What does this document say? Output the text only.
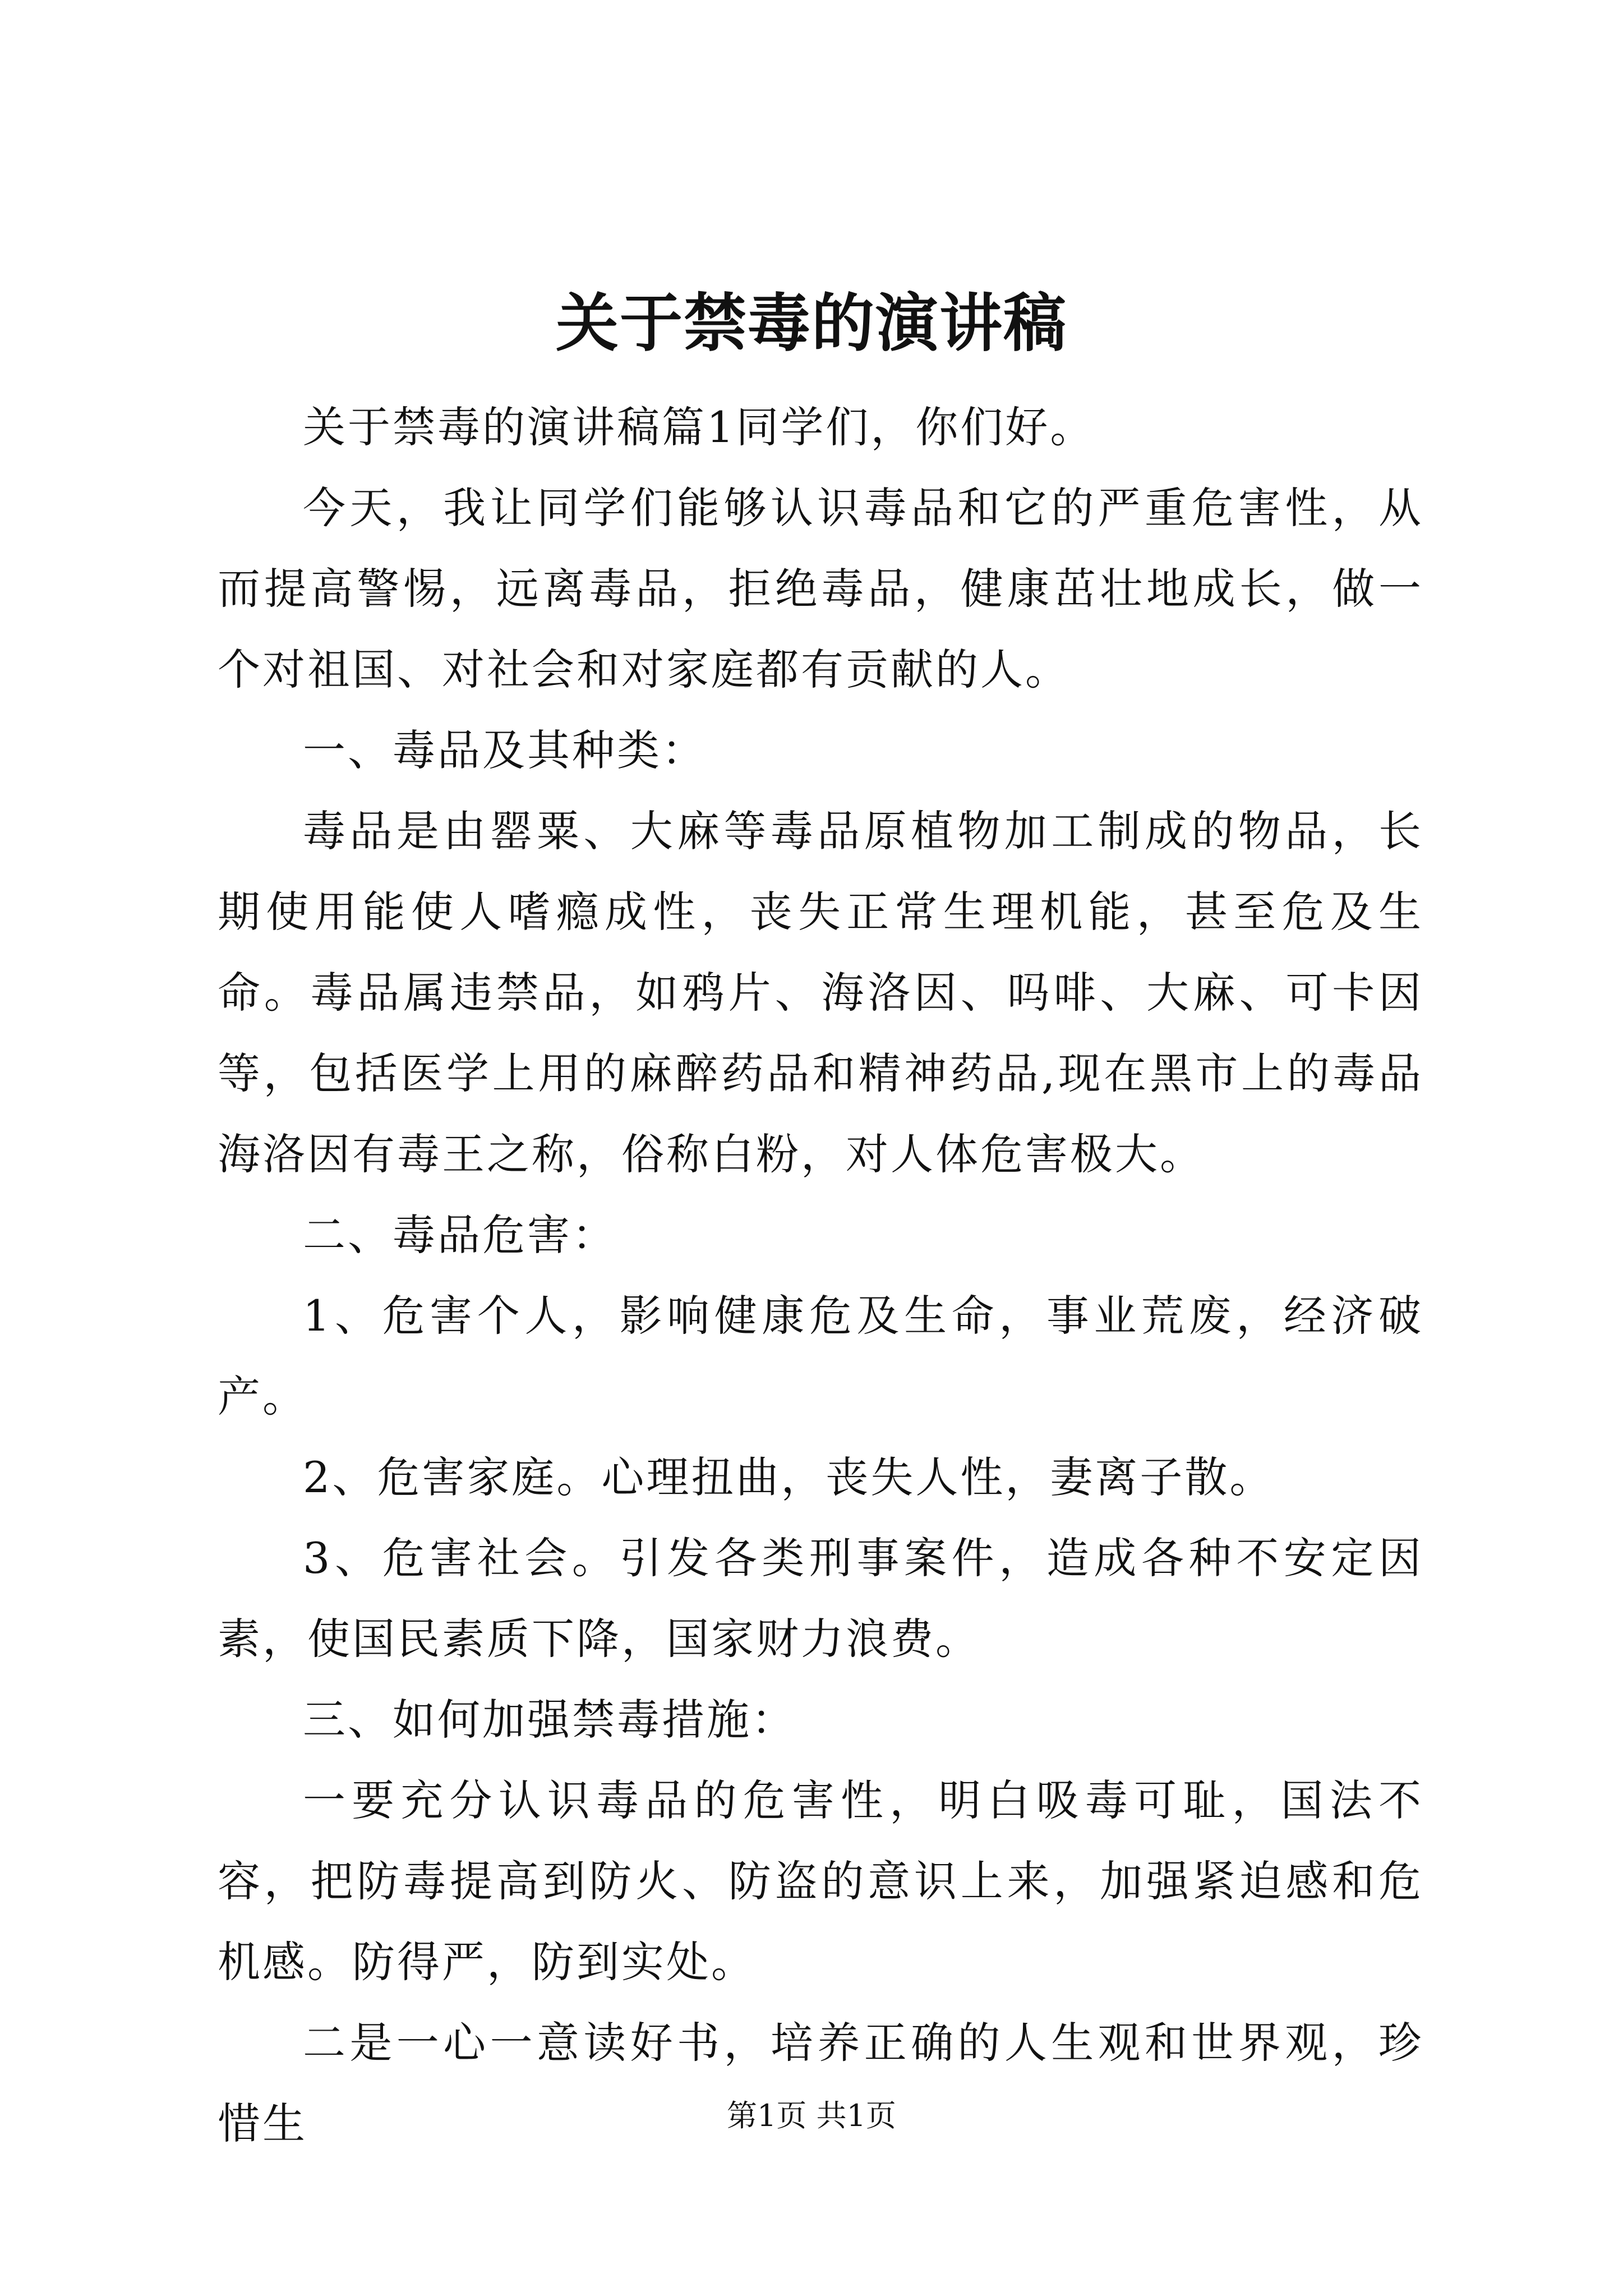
关于禁毒的演讲稿

关于禁毒的演讲稿篇1同学们，你们好。

今天，我让同学们能够认识毒品和它的严重危害性，从而提高警惕，远离毒品，拒绝毒品，健康茁壮地成长，做一个对祖国、对社会和对家庭都有贡献的人。

一、毒品及其种类：

毒品是由罂粟、大麻等毒品原植物加工制成的物品，长期使用能使人嗜瘾成性，丧失正常生理机能，甚至危及生命。毒品属违禁品，如鸦片、海洛因、吗啡、大麻、可卡因等，包括医学上用的麻醉药品和精神药品,现在黑市上的毒品海洛因有毒王之称，俗称白粉，对人体危害极大。

二、毒品危害：

1、危害个人，影响健康危及生命，事业荒废，经济破产。

2、危害家庭。心理扭曲，丧失人性，妻离子散。

3、危害社会。引发各类刑事案件，造成各种不安定因素，使国民素质下降，国家财力浪费。

三、如何加强禁毒措施：

一要充分认识毒品的危害性，明白吸毒可耻，国法不容，把防毒提高到防火、防盗的意识上来，加强紧迫感和危机感。防得严，防到实处。

二是一心一意读好书，培养正确的人生观和世界观，珍惜生	第1页 共1页
